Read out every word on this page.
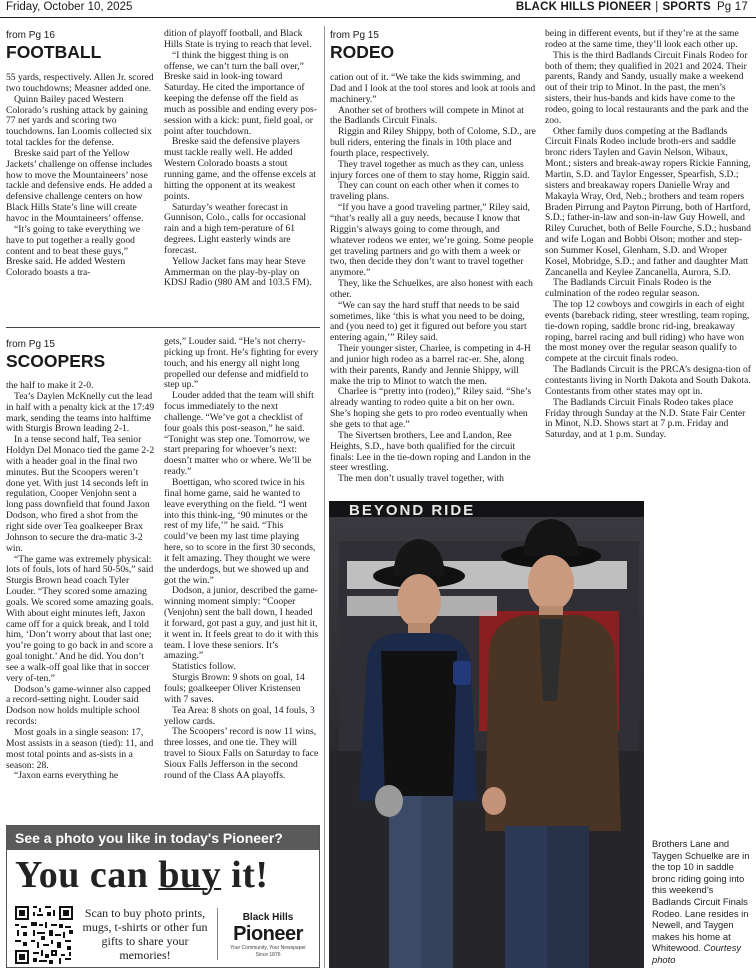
Friday, October 10, 2025	BLACK HILLS PIONEER | SPORTS Pg 17
from Pg 16
FOOTBALL

55 yards, respectively. Allen Jr. scored two touchdowns; Measner added one.

Quinn Bailey paced Western Colorado’s rushing attack by gaining 77 net yards and scoring two touchdowns. Ian Loomis collected six total tackles for the defense.

Breske said part of the Yellow Jackets’ challenge on offense includes how to move the Mountaineers’ nose tackle and defensive ends. He added a defensive challenge centers on how Black Hills State’s line will create havoc in the Mountaineers’ offense.

“It’s going to take everything we have to put together a really good content and to beat these guys,” Breske said. He added Western Colorado boasts a tra-

dition of playoff football, and Black Hills State is trying to reach that level.

“I think the biggest thing is on offense, we can’t turn the ball over,” Breske said in look-ing toward Saturday. He cited the importance of keeping the defense off the field as much as possible and ending every pos-session with a kick: punt, field goal, or point after touchdown.

Breske said the defensive players must tackle really well. He added Western Colorado boasts a stout running game, and the offense excels at hitting the opponent at its weakest points.

Saturday’s weather forecast in Gunnison, Colo., calls for occasional rain and a high tem-perature of 61 degrees. Light easterly winds are forecast.

Yellow Jacket fans may hear Steve Ammerman on the play-by-play on KDSJ Radio (980 AM and 103.5 FM).

from Pg 15
SCOOPERS

the half to make it 2-0.

Tea’s Daylen McKnelly cut the lead in half with a penalty kick at the 17:49 mark, sending the teams into halftime with Sturgis Brown leading 2-1.

In a tense second half, Tea senior Holdyn Del Monaco tied the game 2-2 with a header goal in the final two minutes. But the Scoopers weren’t done yet. With just 14 seconds left in regulation, Cooper Venjohn sent a long pass downfield that found Jaxon Dodson, who fired a shot from the right side over Tea goalkeeper Brax Johnson to secure the dra-matic 3-2 win.

“The game was extremely physical: lots of fouls, lots of hard 50-50s,” said Sturgis Brown head coach Tyler Louder. “They scored some amazing goals. We scored some amazing goals. With about eight minutes left, Jaxon came off for a quick break, and I told him, ‘Don’t worry about that last one; you’re going to go back in and score a goal tonight.’ And he did. You don’t see a walk-off goal like that in soccer very of-ten.”

Dodson’s game-winner also capped a record-setting night. Louder said Dodson now holds multiple school records:

Most goals in a single season: 17, Most assists in a season (tied): 11, and most total points and as-sists in a season: 28.

“Jaxon earns everything he

gets,” Louder said. “He’s not cherry-picking up front. He’s fighting for every touch, and his energy all night long propelled our defense and midfield to step up.”

Louder added that the team will shift focus immediately to the next challenge. “We’ve got a checklist of four goals this post-season,” he said. “Tonight was step one. Tomorrow, we start preparing for whoever’s next: doesn’t matter who or where. We’ll be ready.”

Boettigan, who scored twice in his final home game, said he wanted to leave everything on the field. “I went into this think-ing, ‘90 minutes or the rest of my life,’” he said. “This could’ve been my last time playing here, so to score in the first 30 seconds, it felt amazing. They thought we were the underdogs, but we showed up and got the win.”

Dodson, a junior, described the game-winning moment simply: “Cooper (Venjohn) sent the ball down, I headed it forward, got past a guy, and just hit it, it went in. It feels great to do it with this team. I love these seniors. It’s amazing.”

Statistics follow.

Sturgis Brown: 9 shots on goal, 14 fouls; goalkeeper Oliver Kristensen with 7 saves.

Tea Area: 8 shots on goal, 14 fouls, 3 yellow cards.

The Scoopers’ record is now 11 wins, three losses, and one tie. They will travel to Sioux Falls on Saturday to face Sioux Falls Jefferson in the second round of the Class AA playoffs.

See a photo you like in today's Pioneer?
You can buy it!
Scan to buy photo prints, mugs, t-shirts or other fun gifts to share your memories!
Black Hills
Pioneer
Your Community, Your Newspaper
Since 1876
from Pg 15
RODEO

cation out of it. “We take the kids swimming, and Dad and I look at the tool stores and look at tools and machinery.”

Another set of brothers will compete in Minot at the Badlands Circuit Finals.

Riggin and Riley Shippy, both of Colome, S.D., are bull riders, entering the finals in 10th place and fourth place, respectively.

They travel together as much as they can, unless injury forces one of them to stay home, Riggin said.

They can count on each other when it comes to traveling plans.

“If you have a good traveling partner,” Riley said, “that’s really all a guy needs, because I know that Riggin’s always going to come through, and whatever rodeos we enter, we’re going. Some people get traveling partners and go with them a week or two, then decide they don’t want to travel together anymore.”

They, like the Schuelkes, are also honest with each other.

“We can say the hard stuff that needs to be said sometimes, like ‘this is what you need to be doing, and (you need to) get it figured out before you start entering again,’” Riley said.

Their younger sister, Charlee, is competing in 4-H and junior high rodeo as a barrel rac-er. She, along with their parents, Randy and Jennie Shippy, will make the trip to Minot to watch the men.

Charlee is “pretty into (rodeo),” Riley said. “She’s already wanting to rodeo quite a bit on her own. She’s hoping she gets to pro rodeo eventually when she gets to that age.”

The Sivertsen brothers, Lee and Landon, Ree Heights, S.D., have both qualified for the circuit finals: Lee in the tie-down roping and Landon in the steer wrestling.

The men don’t usually travel together, with

being in different events, but if they’re at the same rodeo at the same time, they’ll look each other up.

This is the third Badlands Circuit Finals Rodeo for both of them; they qualified in 2021 and 2024. Their parents, Randy and Sandy, usually make a weekend out of their trip to Minot. In the past, the men’s sisters, their hus-bands and kids have come to the rodeo, going to local restaurants and the park and the zoo.

Other family duos competing at the Badlands Circuit Finals Rodeo include broth-ers and saddle bronc riders Taylen and Gavin Nelson, Wibaux, Mont.; sisters and break-away ropers Rickie Fanning, Martin, S.D. and Taylor Engesser, Spearfish, S.D.; sisters and breakaway ropers Danielle Wray and Makayla Wray, Ord, Neb.; brothers and team ropers Braden Pirrung and Payton Pirrung, both of Hartford, S.D.; father-in-law and son-in-law Guy Howell, and Riley Curuchet, both of Belle Fourche, S.D.; husband and wife Logan and Bobbi Olson; mother and step-son Summer Kosel, Glenham, S.D. and Wroper Kosel, Mobridge, S.D.; and father and daughter Matt Zancanella and Keylee Zancanella, Aurora, S.D.

The Badlands Circuit Finals Rodeo is the culmination of the rodeo regular season.

The top 12 cowboys and cowgirls in each of eight events (bareback riding, steer wrestling, team roping, tie-down roping, saddle bronc rid-ing, breakaway roping, barrel racing and bull riding) who have won the most money over the regular season qualify to compete at the circuit finals rodeo.

The Badlands Circuit is the PRCA’s designa-tion of contestants living in North Dakota and South Dakota. Contestants from other states may opt in.

The Badlands Circuit Finals Rodeo takes place Friday through Sunday at the N.D. State Fair Center in Minot, N.D. Shows start at 7 p.m. Friday and Saturday, and at 1 p.m. Sunday.

BEYOND RIDE
Brothers Lane and Taygen Schuelke are in the top 10 in saddle bronc riding going into this weekend’s Badlands Circuit Finals Rodeo. Lane resides in Newell, and Taygen makes his home at Whitewood. Courtesy photo
